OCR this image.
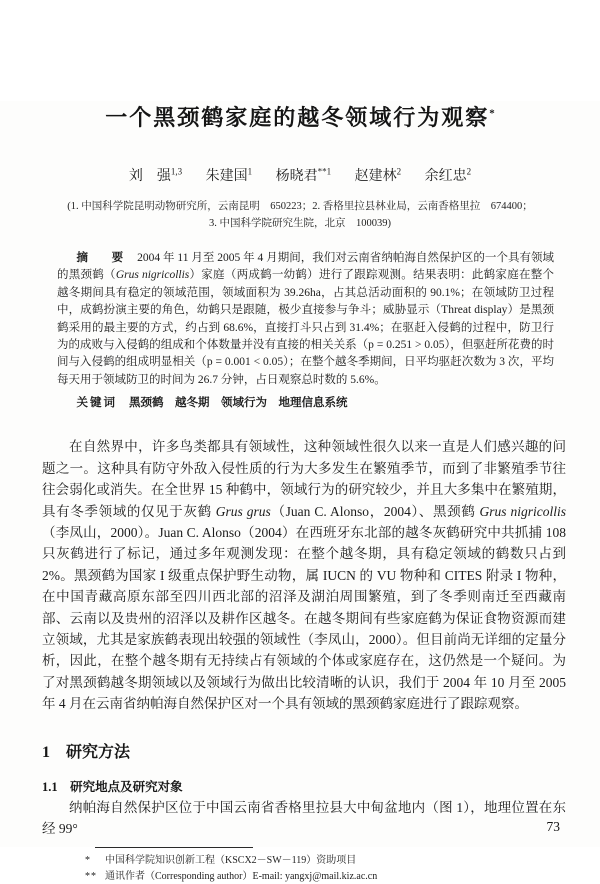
一个黑颈鹤家庭的越冬领域行为观察*
刘　强$^{1,3}$ 朱建国$^1$ 杨晓君$^{**1}$ 赵建林$^2$ 余红忠$^2$
(1. 中国科学院昆明动物研究所，云南昆明　650223；2. 香格里拉县林业局，云南香格里拉　674400；
3. 中国科学院研究生院，北京　100039)
摘　要 2004 年 11 月至 2005 年 4 月期间，我们对云南省纳帕海自然保护区的一个具有领域的黑颈鹤（Grus nigricollis）家庭（两成鹤一幼鹤）进行了跟踪观测。结果表明：此鹤家庭在整个越冬期间具有稳定的领域范围，领域面积为 39.26ha，占其总活动面积的 90.1%；在领域防卫过程中，成鹤扮演主要的角色，幼鹤只是跟随，极少直接参与争斗；威胁显示（Threat display）是黑颈鹤采用的最主要的方式，约占到 68.6%，直接打斗只占到 31.4%；在驱赶入侵鹤的过程中，防卫行为的成败与入侵鹤的组成和个体数量并没有直接的相关关系（p = 0.251 > 0.05），但驱赶所花费的时间与入侵鹤的组成明显相关（p = 0.001 < 0.05）；在整个越冬季期间，日平均驱赶次数为 3 次，平均每天用于领域防卫的时间为 26.7 分钟，占日观察总时数的 5.6%。
关键词 黑颈鹤　越冬期　领域行为　地理信息系统
在自然界中，许多鸟类都具有领域性，这种领域性很久以来一直是人们感兴趣的问题之一。这种具有防守外敌入侵性质的行为大多发生在繁殖季节，而到了非繁殖季节往往会弱化或消失。在全世界 15 种鹤中，领域行为的研究较少，并且大多集中在繁殖期，具有冬季领域的仅见于灰鹤 Grus grus（Juan C. Alonso，2004）、黑颈鹤 Grus nigricollis（李凤山，2000）。Juan C. Alonso（2004）在西班牙东北部的越冬灰鹤研究中共抓捕 108 只灰鹤进行了标记，通过多年观测发现：在整个越冬期，具有稳定领域的鹤数只占到 2%。黑颈鹤为国家 I 级重点保护野生动物，属 IUCN 的 VU 物种和 CITES 附录 I 物种，在中国青藏高原东部至四川西北部的沼泽及湖泊周围繁殖，到了冬季则南迁至西藏南部、云南以及贵州的沼泽以及耕作区越冬。在越冬期间有些家庭鹤为保证食物资源而建立领域，尤其是家族鹤表现出较强的领域性（李凤山，2000）。但目前尚无详细的定量分析，因此，在整个越冬期有无持续占有领域的个体或家庭存在，这仍然是一个疑问。为了对黑颈鹤越冬期领域以及领域行为做出比较清晰的认识，我们于 2004 年 10 月至 2005 年 4 月在云南省纳帕海自然保护区对一个具有领域的黑颈鹤家庭进行了跟踪观察。
1　研究方法
1.1　研究地点及研究对象
纳帕海自然保护区位于中国云南省香格里拉县大中甸盆地内（图 1），地理位置在东经 99°
*	中国科学院知识创新工程（KSCX2－SW－119）资助项目
** 通讯作者（Corresponding author）E-mail: yangxj@mail.kiz.ac.cn
73
